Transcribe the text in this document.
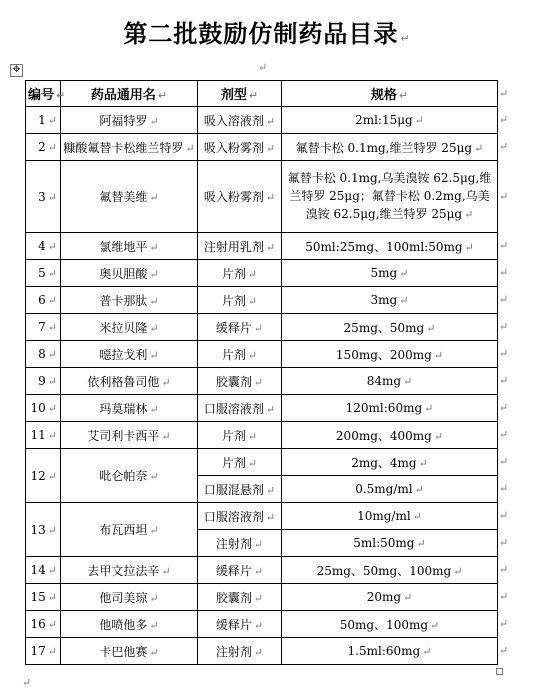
第二批鼓励仿制药品目录 ↵
↵
✥
编号 ↵	药品通用名 ↵	剂型 ↵	规格 ↵
1 ↵	阿福特罗 ↵	吸入溶液剂 ↵	2ml:15μg ↵
2 ↵	糠酸氟替卡松维兰特罗 ↵	吸入粉雾剂 ↵	氟替卡松 0.1mg,维兰特罗 25μg ↵
3 ↵	氟替美维 ↵	吸入粉雾剂 ↵	氟替卡松 0.1mg,乌美溴铵 62.5μg,维兰特罗 25μg；氟替卡松 0.2mg,乌美溴铵 62.5μg,维兰特罗 25μg ↵
4 ↵	氯维地平 ↵	注射用乳剂 ↵	50ml:25mg、100ml:50mg ↵
5 ↵	奥贝胆酸 ↵	片剂 ↵	5mg ↵
6 ↵	普卡那肽 ↵	片剂 ↵	3mg ↵
7 ↵	米拉贝隆 ↵	缓释片 ↵	25mg、50mg ↵
8 ↵	噁拉戈利 ↵	片剂 ↵	150mg、200mg ↵
9 ↵	依利格鲁司他 ↵	胶囊剂 ↵	84mg ↵
10 ↵	玛莫瑞林 ↵	口服溶液剂 ↵	120ml:60mg ↵
11 ↵	艾司利卡西平 ↵	片剂 ↵	200mg、400mg ↵
12 ↵	吡仑帕奈 ↵	片剂 ↵	2mg、4mg ↵
		口服混悬剂 ↵	0.5mg/ml ↵
13 ↵	布瓦西坦 ↵	口服溶液剂 ↵	10mg/ml ↵
		注射剂 ↵	5ml:50mg ↵
14 ↵	去甲文拉法辛 ↵	缓释片 ↵	25mg、50mg、100mg ↵
15 ↵	他司美琼 ↵	胶囊剂 ↵	20mg ↵
16 ↵	他喷他多 ↵	缓释片 ↵	50mg、100mg ↵
17 ↵	卡巴他赛 ↵	注射剂 ↵	1.5ml:60mg ↵
↵
↵
↵
↵
↵
↵
↵
↵
↵
↵
↵
↵
↵
↵
↵
↵
↵
↵
↵
↵
↵
